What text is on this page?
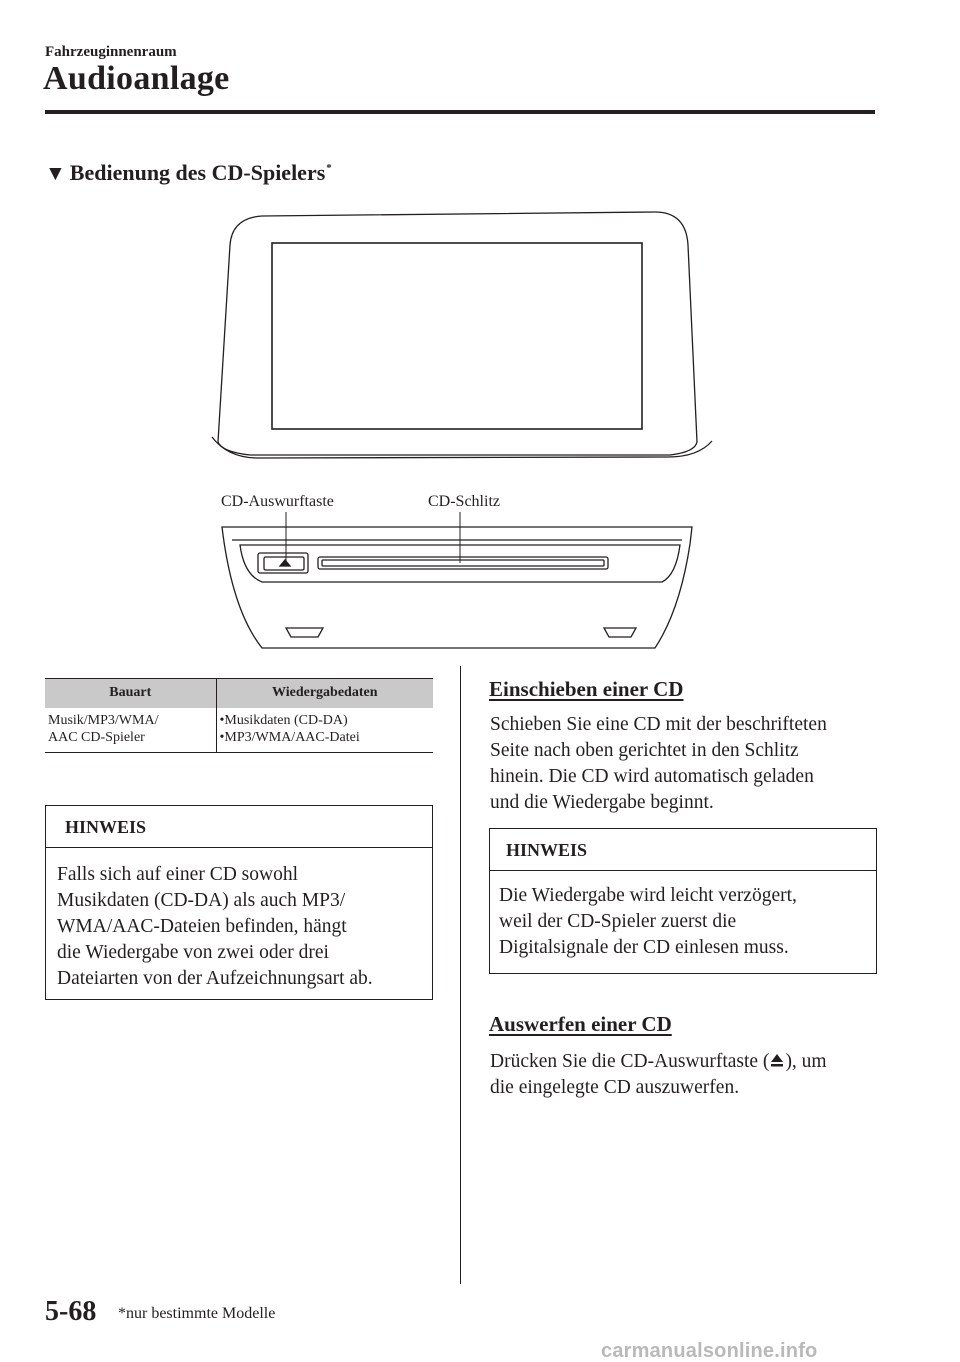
Fahrzeuginnenraum
Audioanlage
▼ Bedienung des CD-Spielers*
CD-Auswurftaste	CD-Schlitz
Bauart	Wiedergabedaten

Musik/MP3/WMA/
AAC CD-Spieler	•Musikdaten (CD-DA)
•MP3/WMA/AAC-Datei
HINWEIS
Falls sich auf einer CD sowohl
Musikdaten (CD-DA) als auch MP3/
WMA/AAC-Dateien befinden, hängt
die Wiedergabe von zwei oder drei
Dateiarten von der Aufzeichnungsart ab.
Einschieben einer CD
Schieben Sie eine CD mit der beschrifteten
Seite nach oben gerichtet in den Schlitz
hinein. Die CD wird automatisch geladen
und die Wiedergabe beginnt.
HINWEIS
Die Wiedergabe wird leicht verzögert,
weil der CD-Spieler zuerst die
Digitalsignale der CD einlesen muss.
Auswerfen einer CD
Drücken Sie die CD-Auswurftaste ( ), um
die eingelegte CD auszuwerfen.
5-68 *nur bestimmte Modelle
carmanualsonline.info
